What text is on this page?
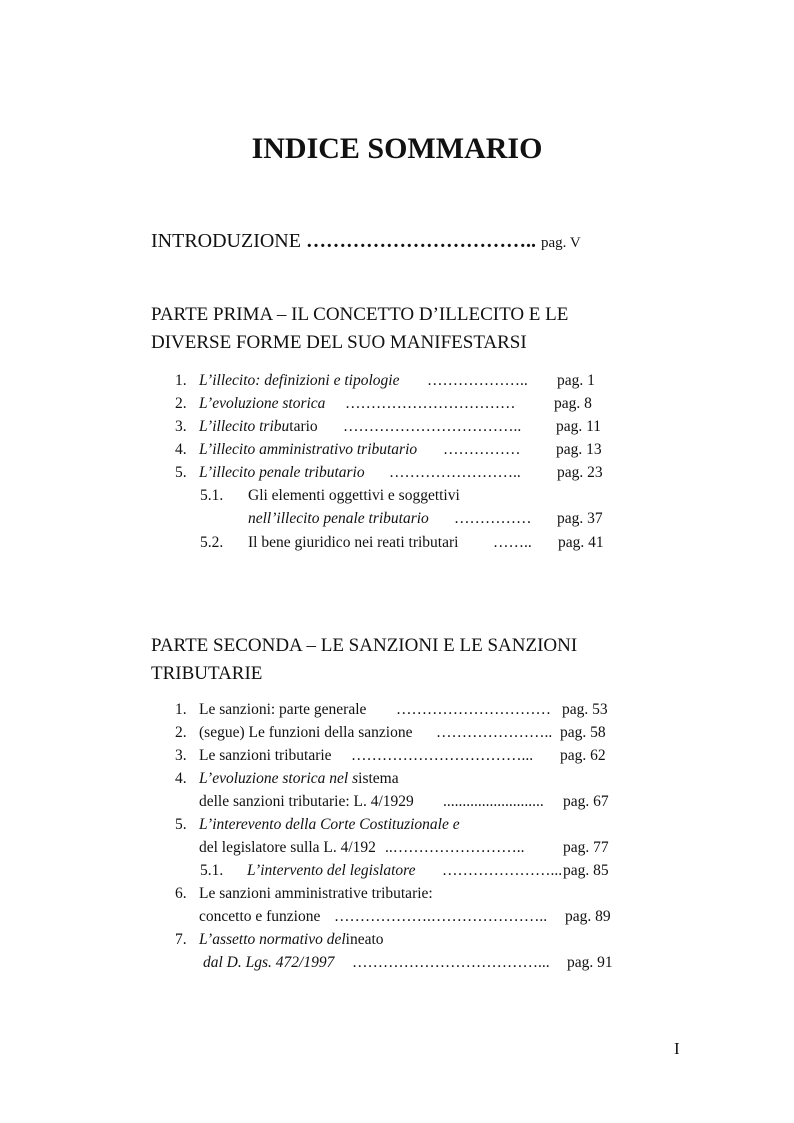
INDICE SOMMARIO
INTRODUZIONE …………………………….. pag. V
PARTE PRIMA – IL CONCETTO D’ILLECITO E LE
DIVERSE FORME DEL SUO MANIFESTARSI
1. L’illecito: definizioni e tipologie ……………….. pag. 1
2. L’evoluzione storica …………………………… pag. 8
3. L’illecito tributario …………………………….. pag. 11
4. L’illecito amministrativo tributario …………… pag. 13
5. L’illecito penale tributario …………………….. pag. 23
5.1. Gli elementi oggettivi e soggettivi
nell’illecito penale tributario …………… pag. 37
5.2. Il bene giuridico nei reati tributari …….. pag. 41
PARTE SECONDA – LE SANZIONI E LE SANZIONI
TRIBUTARIE
1. Le sanzioni: parte generale ………………………… pag. 53
2. (segue) Le funzioni della sanzione ………………….. pag. 58
3. Le sanzioni tributarie ……………………………... pag. 62
4. L’evoluzione storica nel sistema
delle sanzioni tributarie: L. 4/1929 .......................... pag. 67
5. L’interevento della Corte Costituzionale e
del legislatore sulla L. 4/192 ..…………………….. pag. 77
5.1. L’intervento del legislatore …………………... pag. 85
6. Le sanzioni amministrative tributarie:
concetto e funzione ……………….………………….. pag. 89
7. L’assetto normativo delineato
dal D. Lgs. 472/1997 ………………………………... pag. 91
I
